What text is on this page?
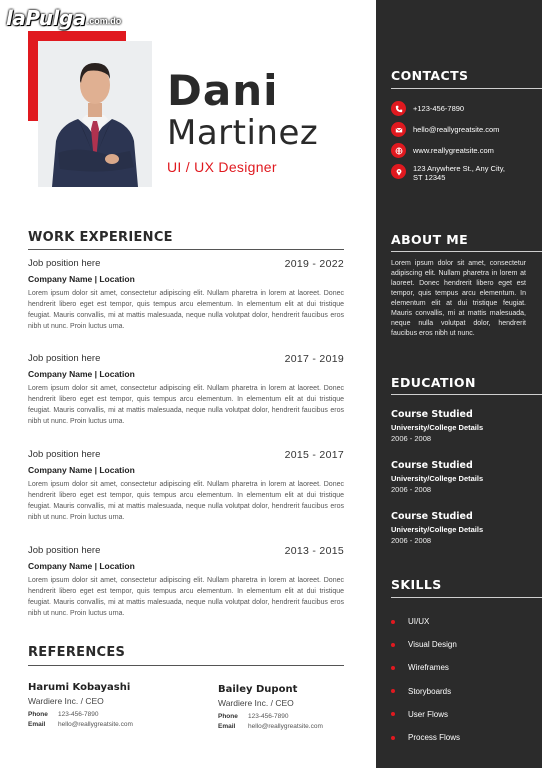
laPulga .com.do
Dani
Martinez
UI / UX Designer
WORK EXPERIENCE
Job position here	2019 - 2022
Company Name | Location
Lorem ipsum dolor sit amet, consectetur adipiscing elit. Nullam pharetra in lorem at laoreet. Donec hendrerit libero eget est tempor, quis tempus arcu elementum. In elementum elit at dui tristique feugiat. Mauris convallis, mi at mattis malesuada, neque nulla volutpat dolor, hendrerit faucibus eros nibh ut nunc. Proin luctus urna.
Job position here	2017 - 2019
Company Name | Location
Lorem ipsum dolor sit amet, consectetur adipiscing elit. Nullam pharetra in lorem at laoreet. Donec hendrerit libero eget est tempor, quis tempus arcu elementum. In elementum elit at dui tristique feugiat. Mauris convallis, mi at mattis malesuada, neque nulla volutpat dolor, hendrerit faucibus eros nibh ut nunc. Proin luctus urna.
Job position here	2015 - 2017
Company Name | Location
Lorem ipsum dolor sit amet, consectetur adipiscing elit. Nullam pharetra in lorem at laoreet. Donec hendrerit libero eget est tempor, quis tempus arcu elementum. In elementum elit at dui tristique feugiat. Mauris convallis, mi at mattis malesuada, neque nulla volutpat dolor, hendrerit faucibus eros nibh ut nunc. Proin luctus urna.
Job position here	2013 - 2015
Company Name | Location
Lorem ipsum dolor sit amet, consectetur adipiscing elit. Nullam pharetra in lorem at laoreet. Donec hendrerit libero eget est tempor, quis tempus arcu elementum. In elementum elit at dui tristique feugiat. Mauris convallis, mi at mattis malesuada, neque nulla volutpat dolor, hendrerit faucibus eros nibh ut nunc. Proin luctus urna.
REFERENCES
Harumi Kobayashi
Wardiere Inc. / CEO
Phone	123-456-7890
Email	hello@reallygreatsite.com
Bailey Dupont
Wardiere Inc. / CEO
Phone	123-456-7890
Email	hello@reallygreatsite.com
CONTACTS
+123-456-7890
hello@reallygreatsite.com
www.reallygreatsite.com
123 Anywhere St., Any City, ST 12345
ABOUT ME
Lorem ipsum dolor sit amet, consectetur adipiscing elit. Nullam pharetra in lorem at laoreet. Donec hendrerit libero eget est tempor, quis tempus arcu elementum. In elementum elit at dui tristique feugiat. Mauris convallis, mi at mattis malesuada, neque nulla volutpat dolor, hendrerit faucibus eros nibh ut nunc.
EDUCATION
Course Studied
University/College Details
2006 - 2008
Course Studied
University/College Details
2006 - 2008
Course Studied
University/College Details
2006 - 2008
SKILLS
UI/UX
Visual Design
Wireframes
Storyboards
User Flows
Process Flows
